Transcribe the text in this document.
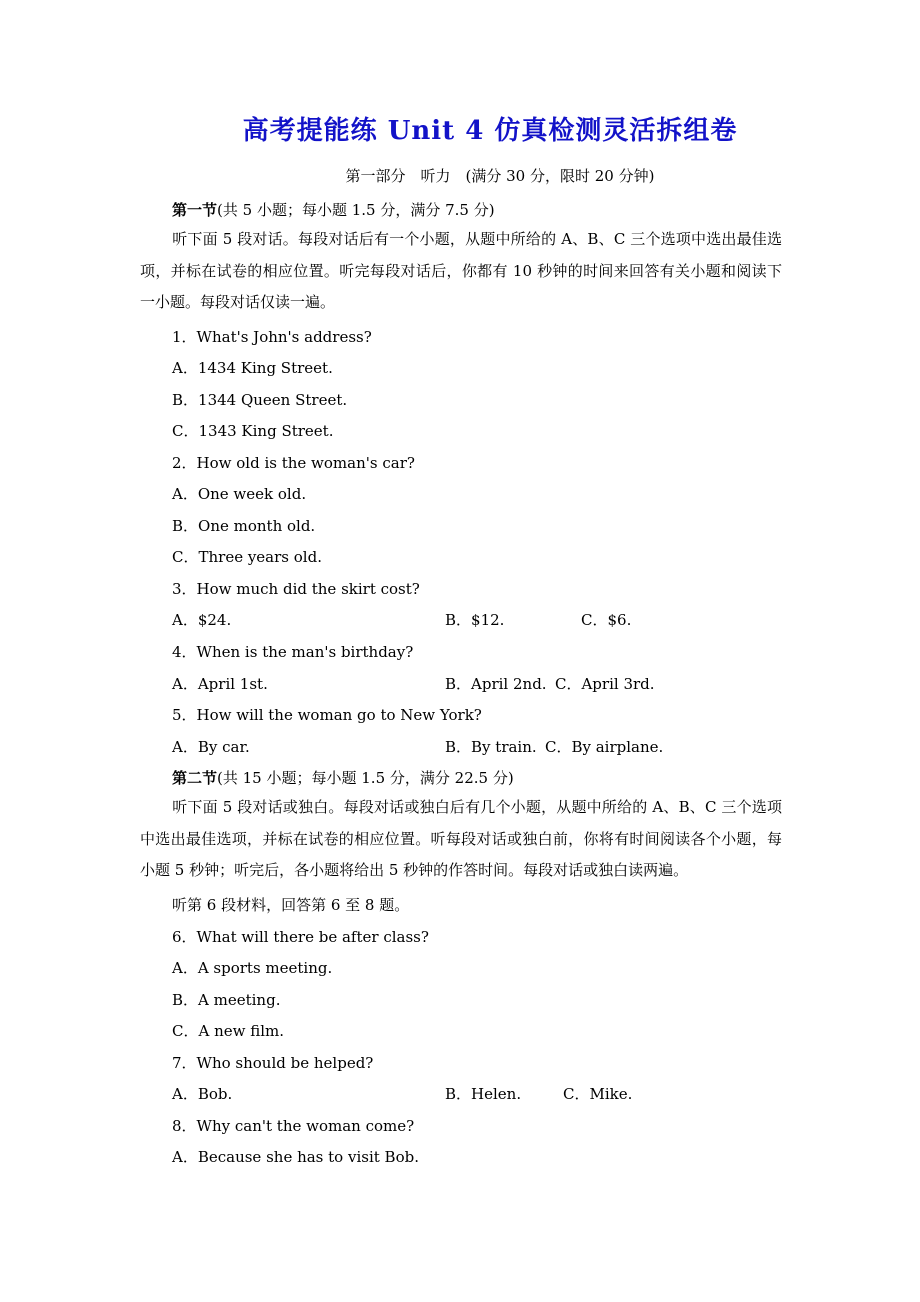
高考提能练 Unit 4 仿真检测灵活拆组卷
第一部分　听力　(满分 30 分，限时 20 分钟)
第一节(共 5 小题；每小题 1.5 分，满分 7.5 分)
听下面 5 段对话。每段对话后有一个小题，从题中所给的 A、B、C 三个选项中选出最佳选项，并标在试卷的相应位置。听完每段对话后，你都有 10 秒钟的时间来回答有关小题和阅读下一小题。每段对话仅读一遍。
1．What's John's address?
A．1434 King Street.
B．1344 Queen Street.
C．1343 King Street.
2．How old is the woman's car?
A．One week old.
B．One month old.
C．Three years old.
3．How much did the skirt cost?
A．$24.	B．$12.	C．$6.
4．When is the man's birthday?
A．April 1st.	B．April 2nd. C．April 3rd.
5．How will the woman go to New York?
A．By car.	B．By train. C．By airplane.
第二节(共 15 小题；每小题 1.5 分，满分 22.5 分)
听下面 5 段对话或独白。每段对话或独白后有几个小题，从题中所给的 A、B、C 三个选项中选出最佳选项，并标在试卷的相应位置。听每段对话或独白前，你将有时间阅读各个小题，每小题 5 秒钟；听完后，各小题将给出 5 秒钟的作答时间。每段对话或独白读两遍。
听第 6 段材料，回答第 6 至 8 题。
6．What will there be after class?
A．A sports meeting.
B．A meeting.
C．A new film.
7．Who should be helped?
A．Bob.	B．Helen.	C．Mike.
8．Why can't the woman come?
A．Because she has to visit Bob.
